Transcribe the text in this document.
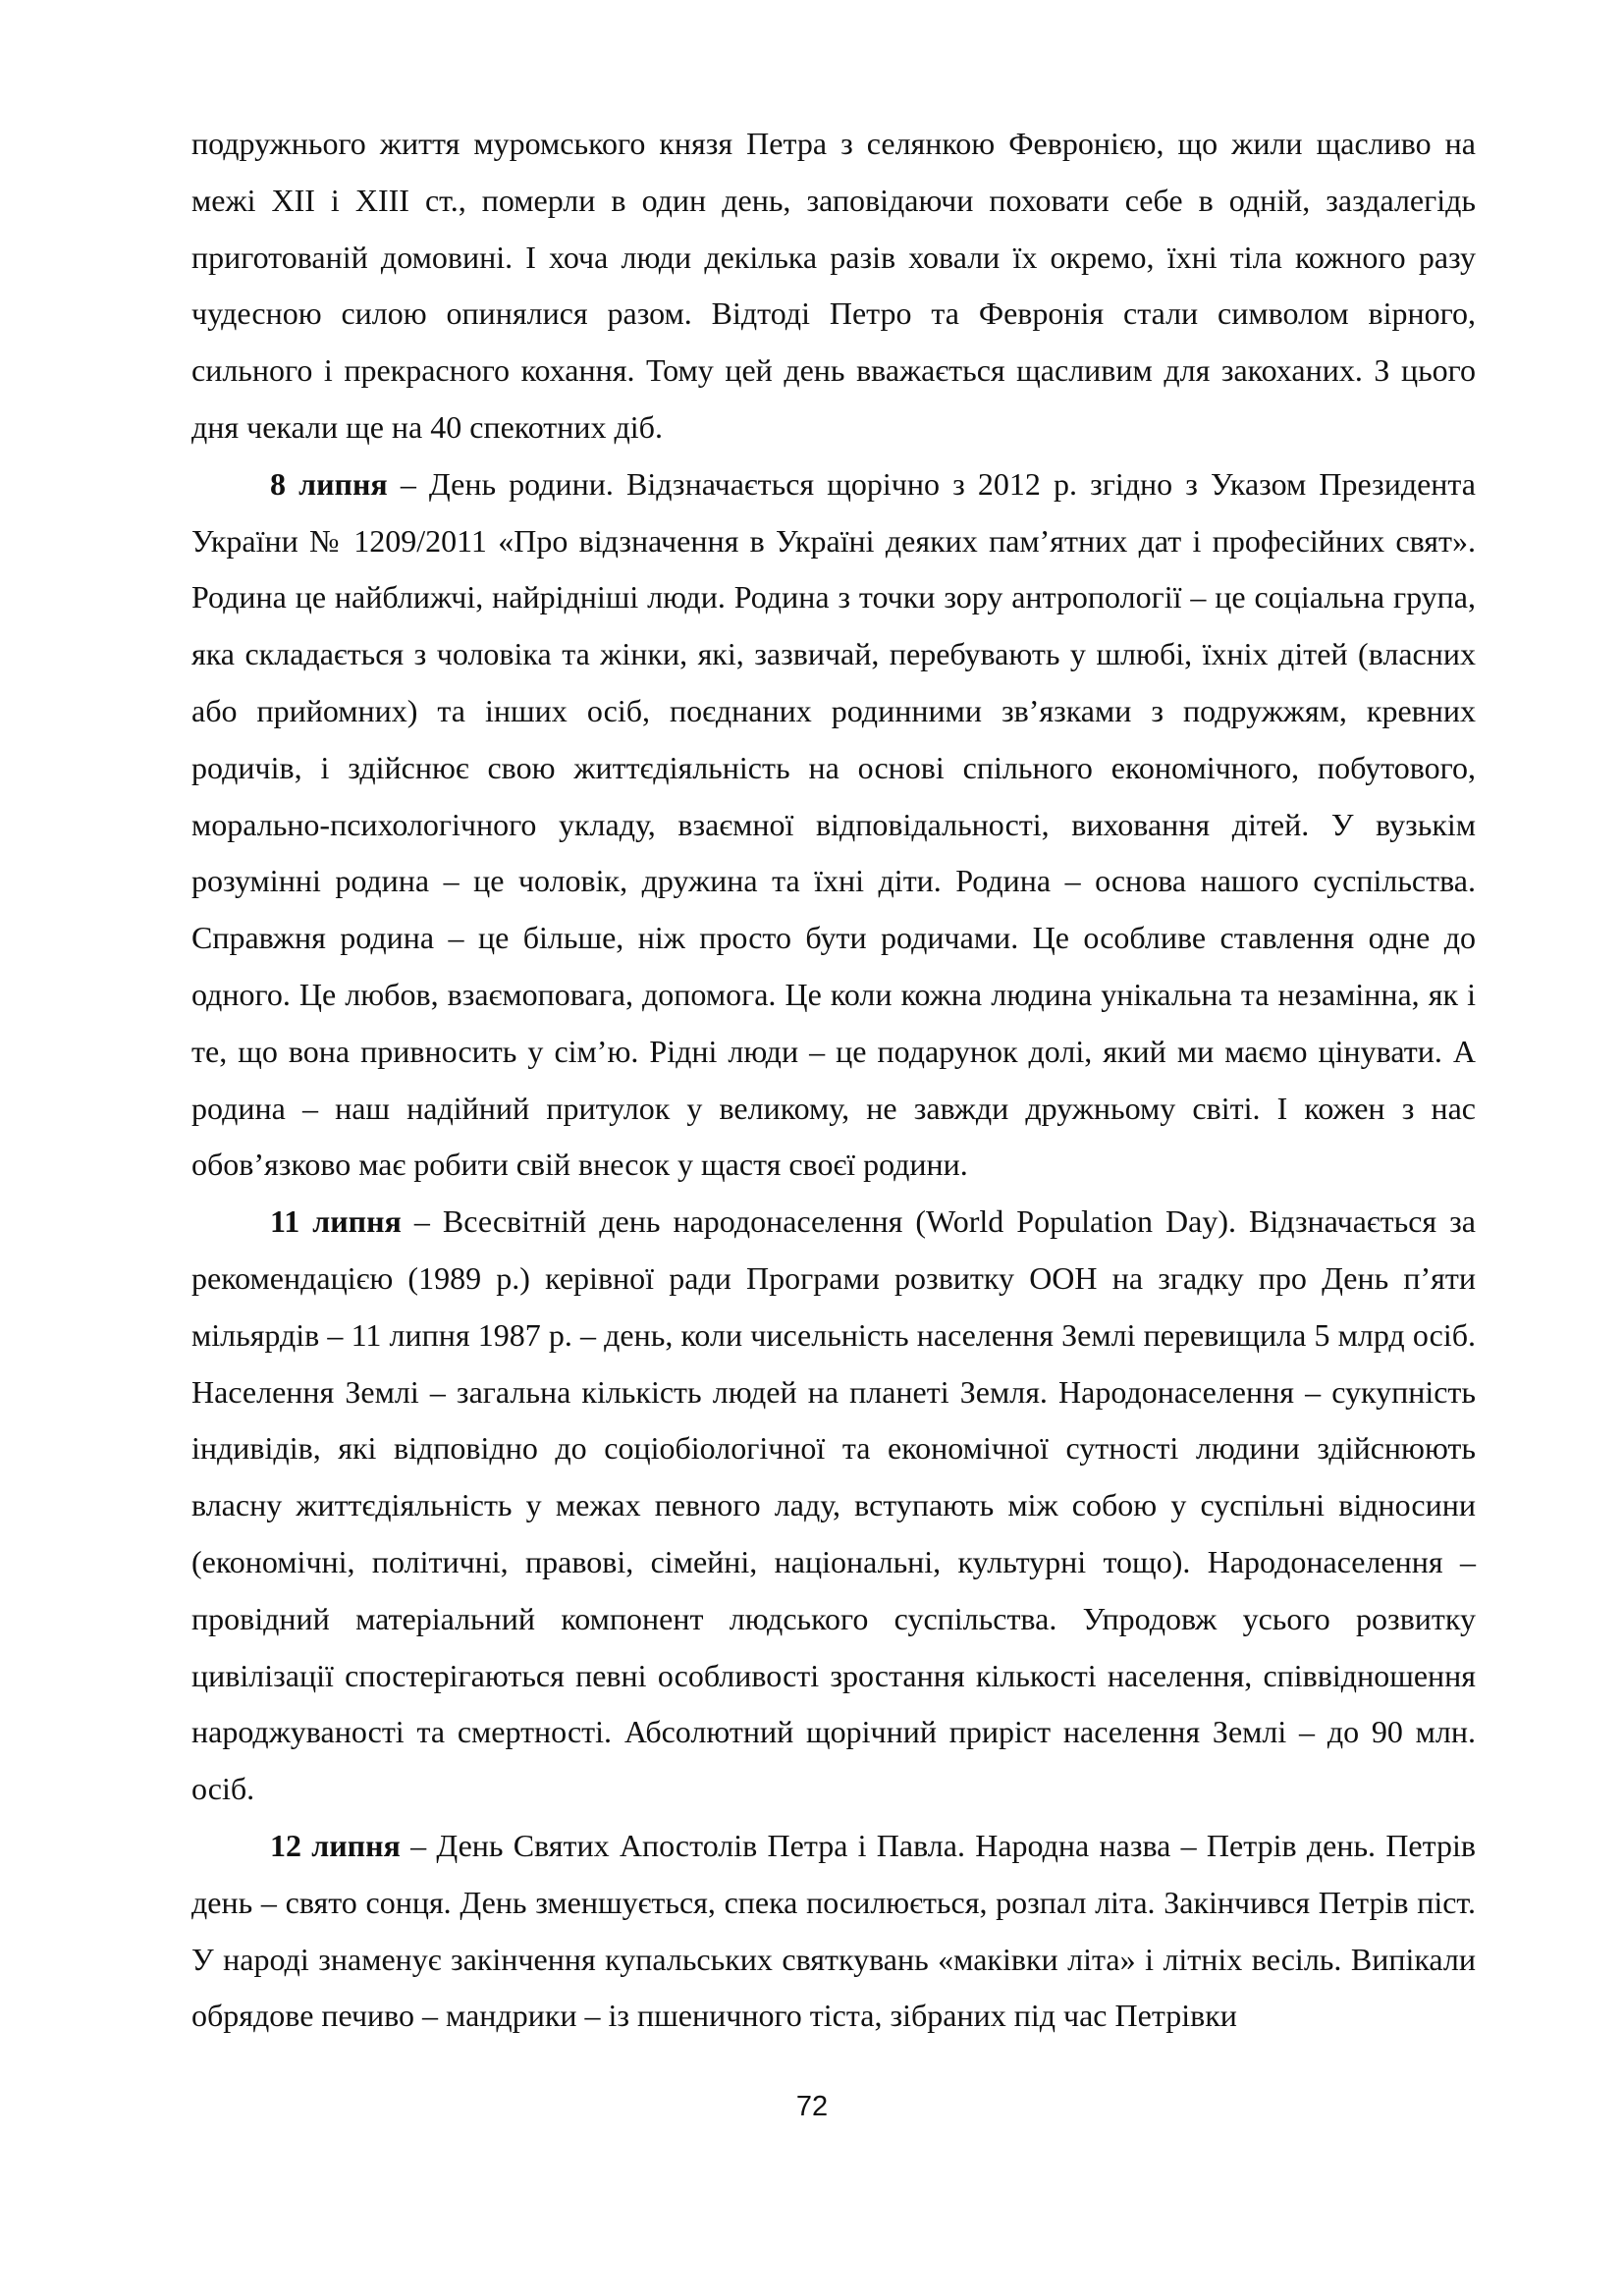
подружнього життя муромського князя Петра з селянкою Февронією, що жили щасливо на межі XII і XIII ст., померли в один день, заповідаючи поховати себе в одній, заздалегідь приготованій домовині. І хоча люди декілька разів ховали їх окремо, їхні тіла кожного разу чудесною силою опинялися разом. Відтоді Петро та Февронія стали символом вірного, сильного і прекрасного кохання. Тому цей день вважається щасливим для закоханих. З цього дня чекали ще на 40 спекотних діб.

8 липня – День родини. Відзначається щорічно з 2012 р. згідно з Указом Президента України № 1209/2011 «Про відзначення в Україні деяких пам’ятних дат і професійних свят». Родина це найближчі, найрідніші люди. Родина з точки зору антропології – це соціальна група, яка складається з чоловіка та жінки, які, зазвичай, перебувають у шлюбі, їхніх дітей (власних або прийомних) та інших осіб, поєднаних родинними зв’язками з подружжям, кревних родичів, і здійснює свою життєдіяльність на основі спільного економічного, побутового, морально-психологічного укладу, взаємної відповідальності, виховання дітей. У вузькім розумінні родина – це чоловік, дружина та їхні діти. Родина – основа нашого суспільства. Справжня родина – це більше, ніж просто бути родичами. Це особливе ставлення одне до одного. Це любов, взаємоповага, допомога. Це коли кожна людина унікальна та незамінна, як і те, що вона привносить у сім’ю. Рідні люди – це подарунок долі, який ми маємо цінувати. А родина – наш надійний притулок у великому, не завжди дружньому світі. І кожен з нас обов’язково має робити свій внесок у щастя своєї родини.

11 липня – Всесвітній день народонаселення (World Population Day). Відзначається за рекомендацією (1989 р.) керівної ради Програми розвитку ООН на згадку про День п’яти мільярдів – 11 липня 1987 р. – день, коли чисельність населення Землі перевищила 5 млрд осіб. Населення Землі – загальна кількість людей на планеті Земля. Народонаселення – сукупність індивідів, які відповідно до соціобіологічної та економічної сутності людини здійснюють власну життєдіяльність у межах певного ладу, вступають між собою у суспільні відносини (економічні, політичні, правові, сімейні, національні, культурні тощо). Народонаселення – провідний матеріальний компонент людського суспільства. Упродовж усього розвитку цивілізації спостерігаються певні особливості зростання кількості населення, співвідношення народжуваності та смертності. Абсолютний щорічний приріст населення Землі – до 90 млн. осіб.

12 липня – День Святих Апостолів Петра і Павла. Народна назва – Петрів день. Петрів день – свято сонця. День зменшується, спека посилюється, розпал літа. Закінчився Петрів піст. У народі знаменує закінчення купальських святкувань «маківки літа» і літніх весіль. Випікали обрядове печиво – мандрики – із пшеничного тіста, зібраних під час Петрівки

72
